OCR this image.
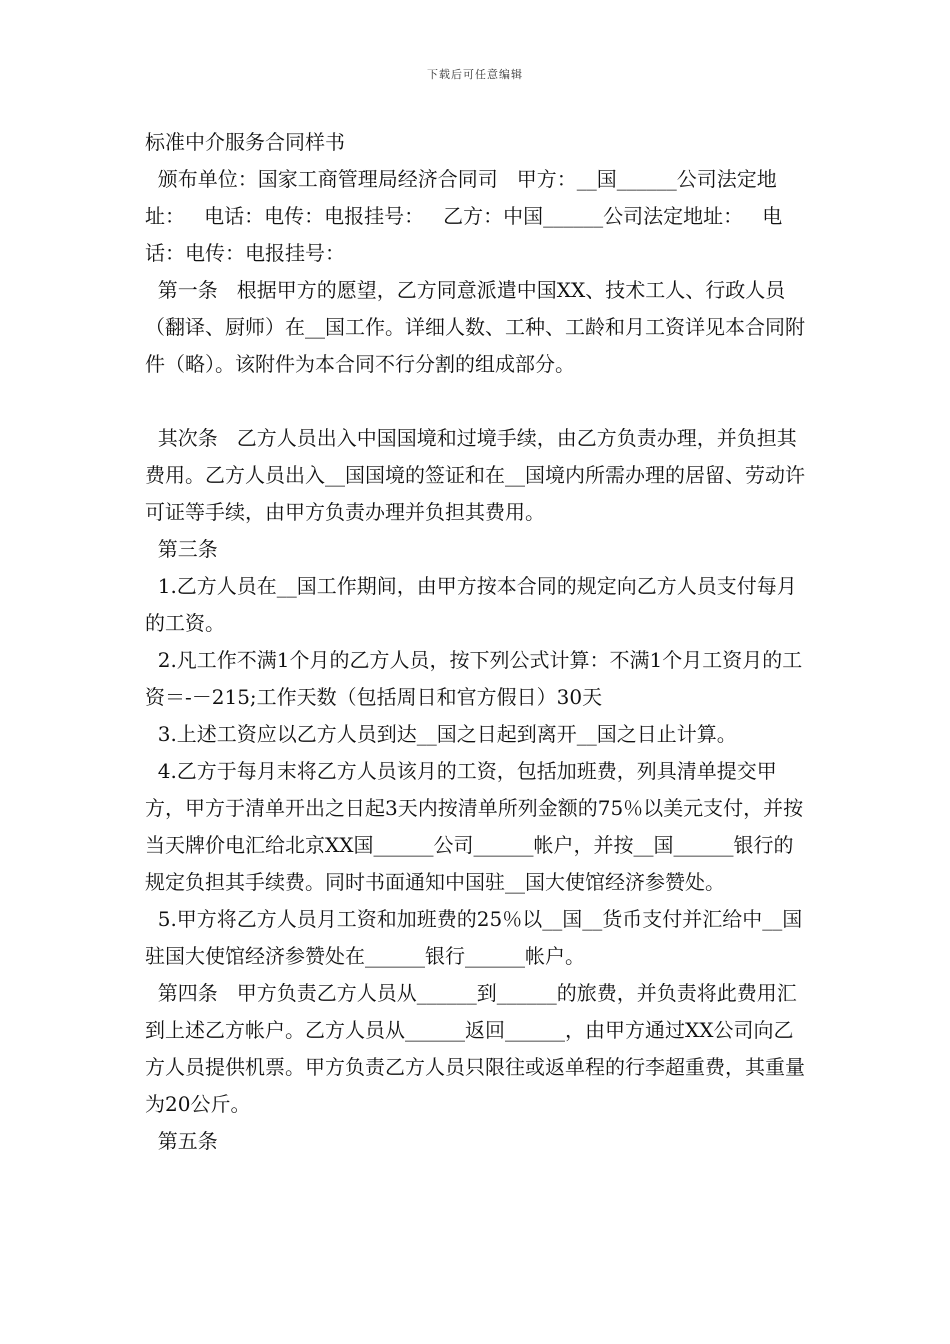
下载后可任意编辑

标准中介服务合同样书

颁布单位：国家工商管理局经济合同司   甲方：__国______公司法定地址：   电话：电传：电报挂号：   乙方：中国______公司法定地址：   电话：电传：电报挂号：

第一条   根据甲方的愿望，乙方同意派遣中国XX、技术工人、行政人员（翻译、厨师）在__国工作。详细人数、工种、工龄和月工资详见本合同附件（略）。该附件为本合同不行分割的组成部分。

其次条   乙方人员出入中国国境和过境手续，由乙方负责办理，并负担其费用。乙方人员出入__国国境的签证和在__国境内所需办理的居留、劳动许可证等手续，由甲方负责办理并负担其费用。

第三条

1.乙方人员在__国工作期间，由甲方按本合同的规定向乙方人员支付每月的工资。

2.凡工作不满1个月的乙方人员，按下列公式计算：不满1个月工资月的工资＝-－215;工作天数（包括周日和官方假日）30天

3.上述工资应以乙方人员到达__国之日起到离开__国之日止计算。

4.乙方于每月末将乙方人员该月的工资，包括加班费，列具清单提交甲方，甲方于清单开出之日起3天内按清单所列金额的75％以美元支付，并按当天牌价电汇给北京XX国______公司______帐户，并按__国______银行的规定负担其手续费。同时书面通知中国驻__国大使馆经济参赞处。

5.甲方将乙方人员月工资和加班费的25％以__国__货币支付并汇给中__国驻国大使馆经济参赞处在______银行______帐户。

第四条   甲方负责乙方人员从______到______的旅费，并负责将此费用汇到上述乙方帐户。乙方人员从______返回______，由甲方通过XX公司向乙方人员提供机票。甲方负责乙方人员只限往或返单程的行李超重费，其重量为20公斤。

第五条
